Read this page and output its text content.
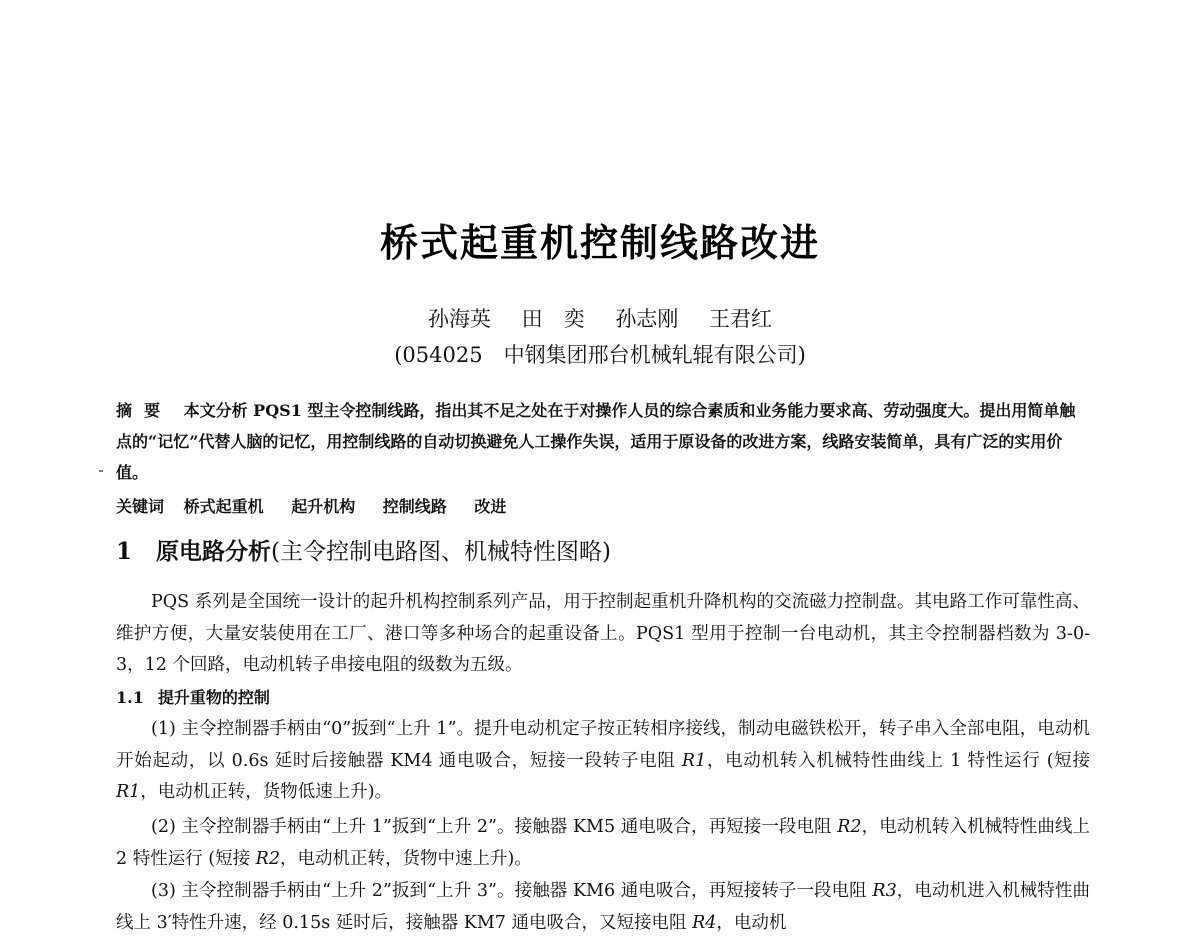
桥式起重机控制线路改进
孙海英 田　奕 孙志刚 王君红
(054025　中钢集团邢台机械轧辊有限公司)
摘要 本文分析 PQS1 型主令控制线路，指出其不足之处在于对操作人员的综合素质和业务能力要求高、劳动强度大。提出用简单触点的“记忆”代替人脑的记忆，用控制线路的自动切换避免人工操作失误，适用于原设备的改进方案，线路安装简单，具有广泛的实用价值。
关键词 桥式起重机 起升机构 控制线路 改进
1 原电路分析(主令控制电路图、机械特性图略)
PQS 系列是全国统一设计的起升机构控制系列产品，用于控制起重机升降机构的交流磁力控制盘。其电路工作可靠性高、维护方便，大量安装使用在工厂、港口等多种场合的起重设备上。PQS1 型用于控制一台电动机，其主令控制器档数为 3-0-3，12 个回路，电动机转子串接电阻的级数为五级。
1.1 提升重物的控制
(1) 主令控制器手柄由“0”扳到“上升 1”。提升电动机定子按正转相序接线，制动电磁铁松开，转子串入全部电阻，电动机开始起动，以 0.6s 延时后接触器 KM4 通电吸合，短接一段转子电阻 R1，电动机转入机械特性曲线上 1 特性运行 (短接 R1，电动机正转，货物低速上升)。
(2) 主令控制器手柄由“上升 1”扳到“上升 2”。接触器 KM5 通电吸合，再短接一段电阻 R2，电动机转入机械特性曲线上 2 特性运行 (短接 R2，电动机正转，货物中速上升)。
(3) 主令控制器手柄由“上升 2”扳到“上升 3”。接触器 KM6 通电吸合，再短接转子一段电阻 R3，电动机进入机械特性曲线上 3′特性升速，经 0.15s 延时后，接触器 KM7 通电吸合，又短接电阻 R4，电动机
